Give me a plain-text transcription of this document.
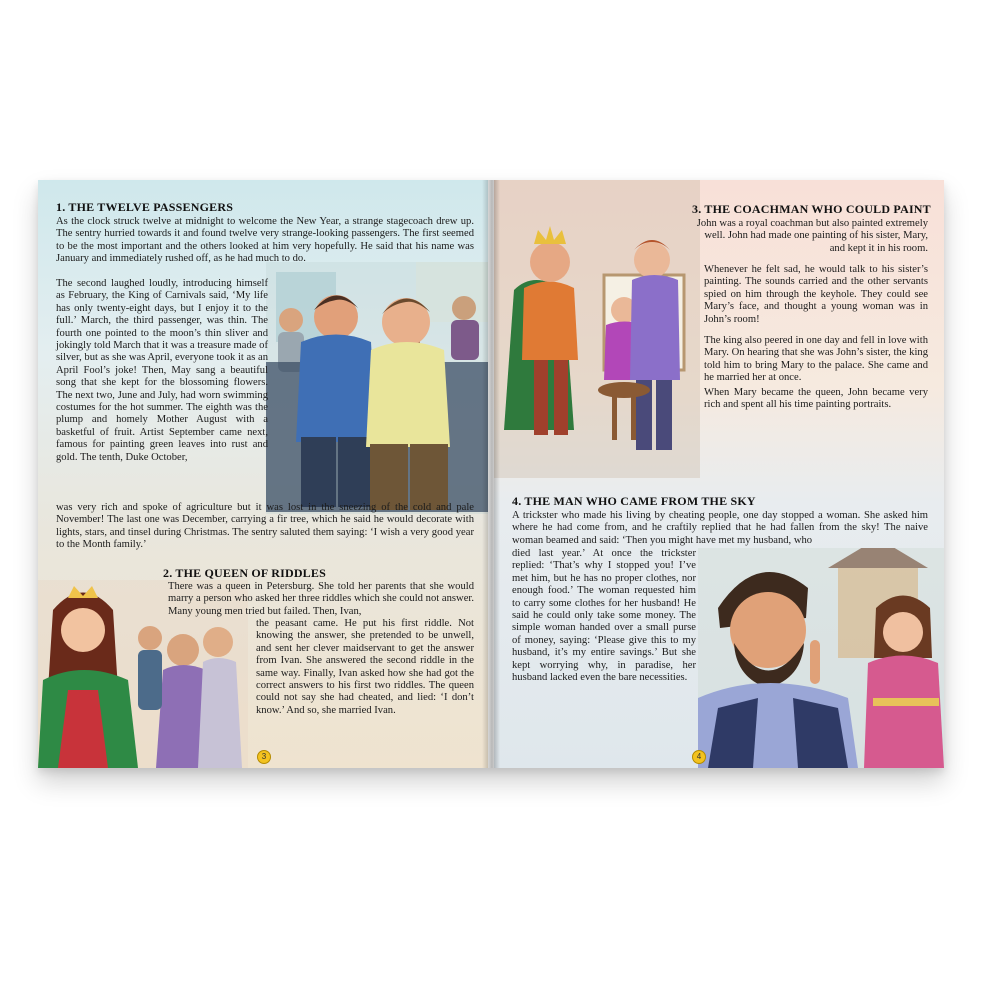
1. THE TWELVE PASSENGERS

As the clock struck twelve at midnight to welcome the New Year, a strange stagecoach drew up. The sentry hurried towards it and found twelve very strange-looking passengers. The first seemed to be the most important and the others looked at him very hopefully. He said that his name was January and immediately rushed off, as he had much to do.

The second laughed loudly, introducing himself as February, the King of Carnivals said, ‘My life has only twenty-eight days, but I enjoy it to the full.’ March, the third passenger, was thin. The fourth one pointed to the moon’s thin sliver and jokingly told March that it was a treasure made of silver, but as she was April, everyone took it as an April Fool’s joke! Then, May sang a beautiful song that she kept for the blossoming flowers. The next two, June and July, had worn swimming costumes for the hot summer. The eighth was the plump and homely Mother August with a basketful of fruit. Artist September came next, famous for painting green leaves into rust and gold. The tenth, Duke October,

was very rich and spoke of agriculture but it was lost in the sneezing of the cold and pale November! The last one was December, carrying a fir tree, which he said he would decorate with lights, stars, and tinsel during Christmas. The sentry saluted them saying: ‘I wish a very good year to the Month family.’

2. THE QUEEN OF RIDDLES

There was a queen in Petersburg. She told her parents that she would marry a person who asked her three riddles which she could not answer. Many young men tried but failed. Then, Ivan,

the peasant came. He put his first riddle. Not knowing the answer, she pretended to be unwell, and sent her clever maidservant to get the answer from Ivan. She answered the second riddle in the same way. Finally, Ivan asked how she had got the correct answers to his first two riddles. The queen could not say she had cheated, and lied: ‘I don’t know.’ And so, she married Ivan.

3
3. THE COACHMAN WHO COULD PAINT

John was a royal coachman but also painted extremely well. John had made one painting of his sister, Mary, and kept it in his room.

Whenever he felt sad, he would talk to his sister’s painting. The sounds carried and the other servants spied on him through the keyhole. They could see Mary’s face, and thought a young woman was in John’s room!

The king also peered in one day and fell in love with Mary. On hearing that she was John’s sister, the king told him to bring Mary to the palace. She came and he married her at once.

When Mary became the queen, John became very rich and spent all his time painting portraits.

4. THE MAN WHO CAME FROM THE SKY

A trickster who made his living by cheating people, one day stopped a woman. She asked him where he had come from, and he craftily replied that he had fallen from the sky! The naive woman beamed and said: ‘Then you might have met my husband, who

died last year.’ At once the trickster replied: ‘That’s why I stopped you! I’ve met him, but he has no proper clothes, nor enough food.’ The woman requested him to carry some clothes for her husband! He said he could only take some money. The simple woman handed over a small purse of money, saying: ‘Please give this to my husband, it’s my entire savings.’ But she kept worrying why, in paradise, her husband lacked even the bare necessities.

4
